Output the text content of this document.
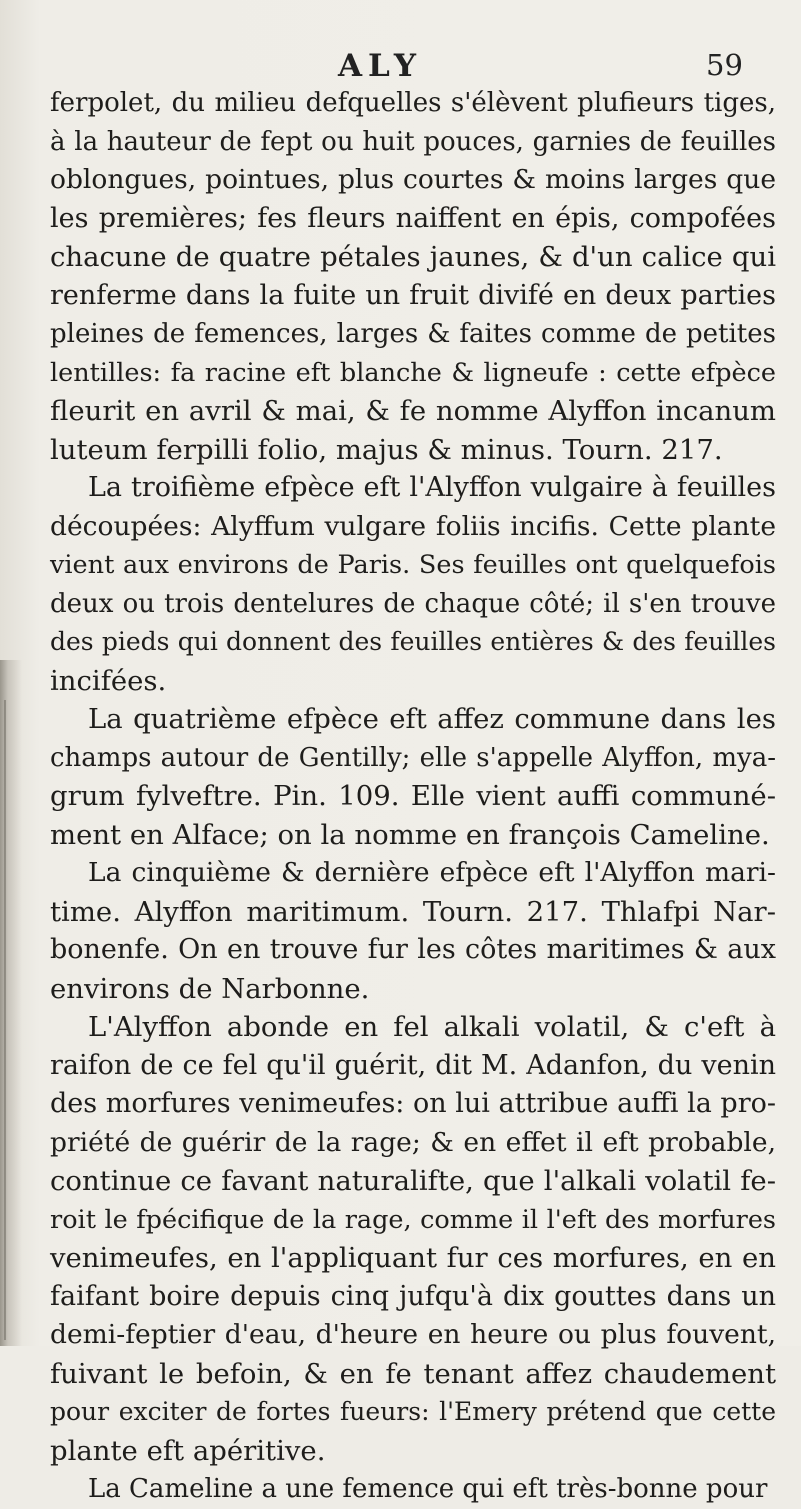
ALY	59
ferpolet, du milieu defquelles s'élèvent plufieurs tiges,
à la hauteur de fept ou huit pouces, garnies de feuilles
oblongues, pointues, plus courtes & moins larges que
les premières; fes fleurs naiffent en épis, compofées
chacune de quatre pétales jaunes, & d'un calice qui
renferme dans la fuite un fruit divifé en deux parties
pleines de femences, larges & faites comme de petites
lentilles: fa racine eft blanche & ligneufe : cette efpèce
fleurit en avril & mai, & fe nomme Alyffon incanum
luteum ferpilli folio, majus & minus. Tourn. 217.
La troifième efpèce eft l'Alyffon vulgaire à feuilles
découpées: Alyffum vulgare foliis incifis. Cette plante
vient aux environs de Paris. Ses feuilles ont quelquefois
deux ou trois dentelures de chaque côté; il s'en trouve
des pieds qui donnent des feuilles entières & des feuilles
incifées.
La quatrième efpèce eft affez commune dans les
champs autour de Gentilly; elle s'appelle Alyffon, mya-
grum fylveftre. Pin. 109. Elle vient auffi communé-
ment en Alface; on la nomme en françois Cameline.
La cinquième & dernière efpèce eft l'Alyffon mari-
time. Alyffon maritimum. Tourn. 217. Thlafpi Nar-
bonenfe. On en trouve fur les côtes maritimes & aux
environs de Narbonne.
L'Alyffon abonde en fel alkali volatil, & c'eft à
raifon de ce fel qu'il guérit, dit M. Adanfon, du venin
des morfures venimeufes: on lui attribue auffi la pro-
priété de guérir de la rage; & en effet il eft probable,
continue ce favant naturalifte, que l'alkali volatil fe-
roit le fpécifique de la rage, comme il l'eft des morfures
venimeufes, en l'appliquant fur ces morfures, en en
faifant boire depuis cinq jufqu'à dix gouttes dans un
demi-feptier d'eau, d'heure en heure ou plus fouvent,
fuivant le befoin, & en fe tenant affez chaudement
pour exciter de fortes fueurs: l'Emery prétend que cette
plante eft apéritive.
La Cameline a une femence qui eft très-bonne pour
